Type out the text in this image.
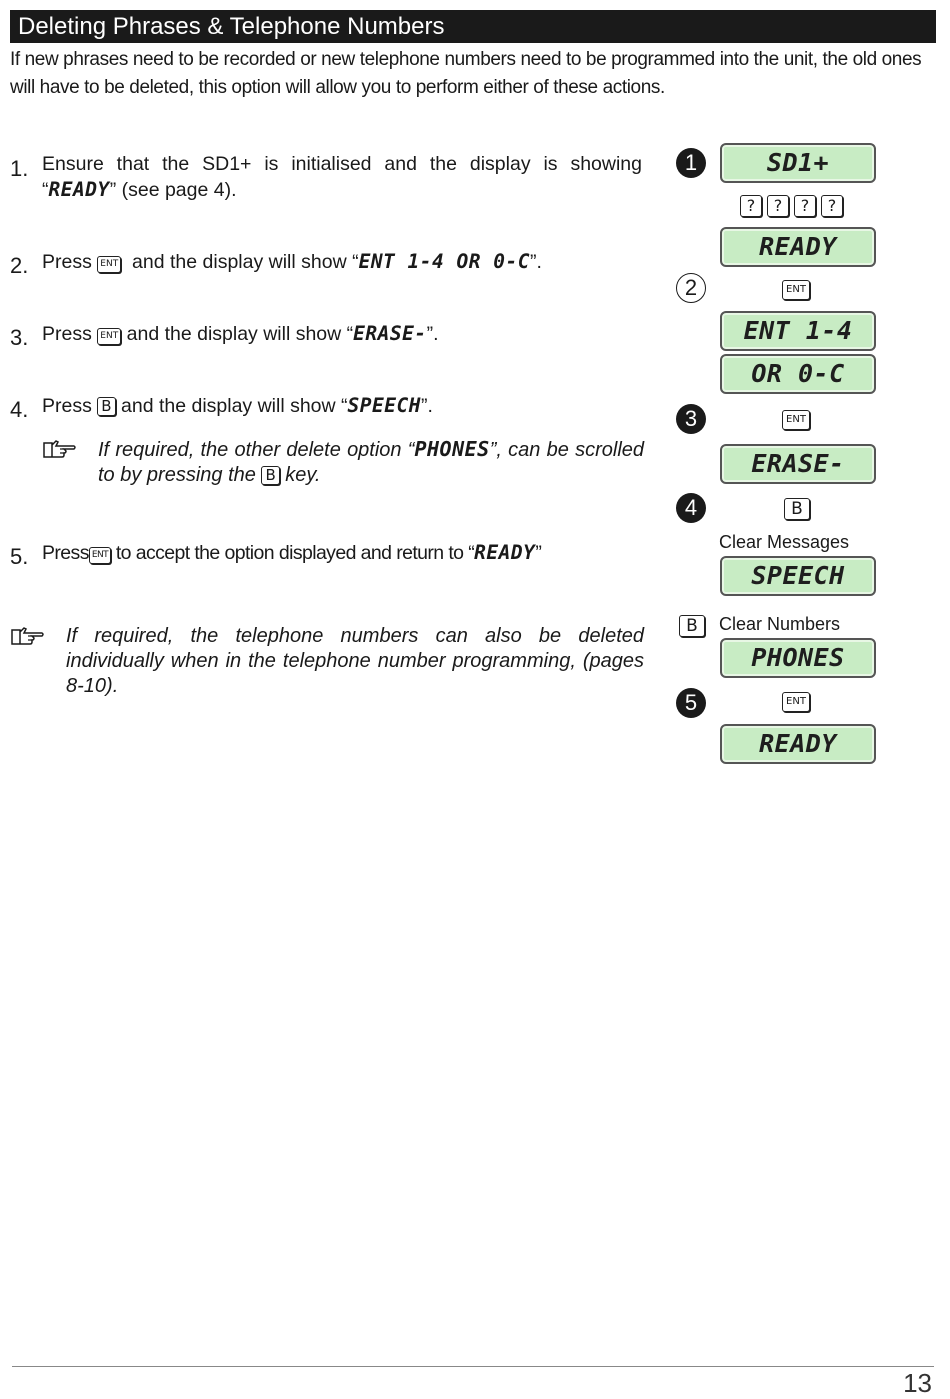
Deleting Phrases & Telephone Numbers
If new phrases need to be recorded or new telephone numbers need to be programmed into the unit, the old ones will have to be deleted, this option will allow you to perform either of these actions.
1. Ensure that the SD1+ is initialised and the display is showing “READY” (see page 4).
2. Press ENT and the display will show “ENT 1-4 OR 0-C”.
3. Press ENT and the display will show “ERASE-”.
4. Press B and the display will show “SPEECH”.
If required, the other delete option “PHONES”, can be scrolled to by pressing the B key.
5. Press ENT to accept the option displayed and return to “READY”
If required, the telephone numbers can also be deleted individually when in the telephone number programming, (pages 8-10).
1	SD1+
?	?	?	?
READY
2	ENT
ENT 1-4
OR 0-C
3	ENT
ERASE-
4	B
Clear Messages
SPEECH
B	Clear Numbers
PHONES
5	ENT
READY
13
